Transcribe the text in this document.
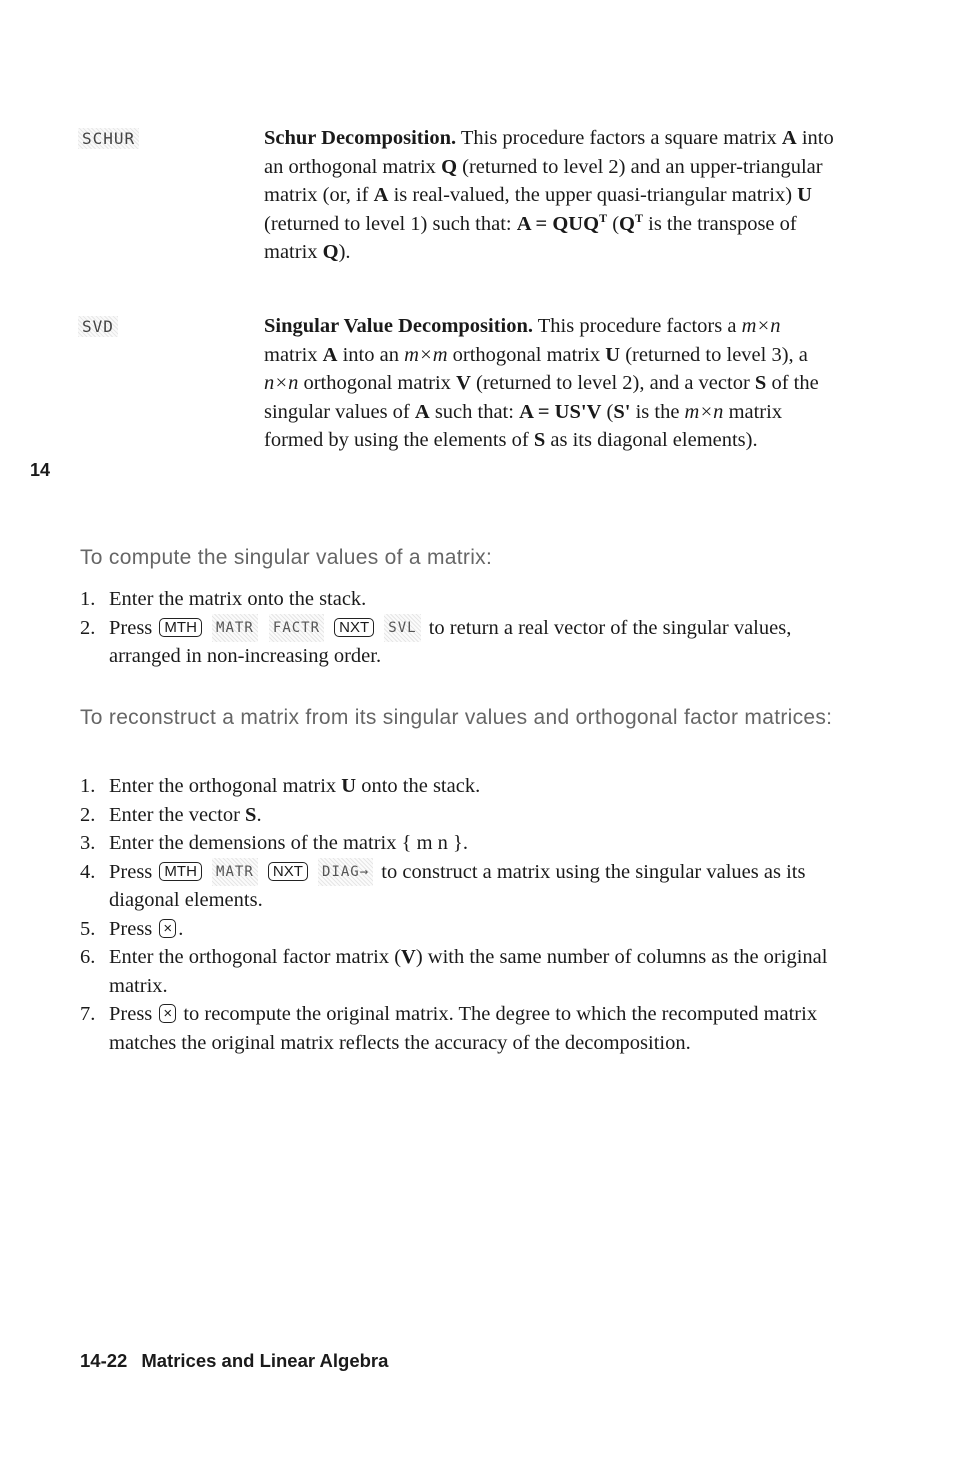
SCHUR	Schur Decomposition. This procedure factors a square matrix A into an orthogonal matrix Q (returned to level 2) and an upper-triangular matrix (or, if A is real-valued, the upper quasi-triangular matrix) U (returned to level 1) such that: $A = QUQ^T$ ($Q^T$ is the transpose of matrix Q).
SVD	Singular Value Decomposition. This procedure factors a m×n matrix A into an m×m orthogonal matrix U (returned to level 3), a n×n orthogonal matrix V (returned to level 2), and a vector S of the singular values of A such that: A = US'V (S' is the m×n matrix formed by using the elements of S as its diagonal elements).
14
To compute the singular values of a matrix:
1. Enter the matrix onto the stack.
2. Press MTH MATR FACTR NXT SVL to return a real vector of the singular values, arranged in non-increasing order.
To reconstruct a matrix from its singular values and orthogonal factor matrices:
1. Enter the orthogonal matrix U onto the stack.
2. Enter the vector S.
3. Enter the demensions of the matrix { m n }.
4. Press MTH MATR NXT DIAG→ to construct a matrix using the singular values as its diagonal elements.
5. Press × .
6. Enter the orthogonal factor matrix (V) with the same number of columns as the original matrix.
7. Press × to recompute the original matrix. The degree to which the recomputed matrix matches the original matrix reflects the accuracy of the decomposition.
14-22 Matrices and Linear Algebra
